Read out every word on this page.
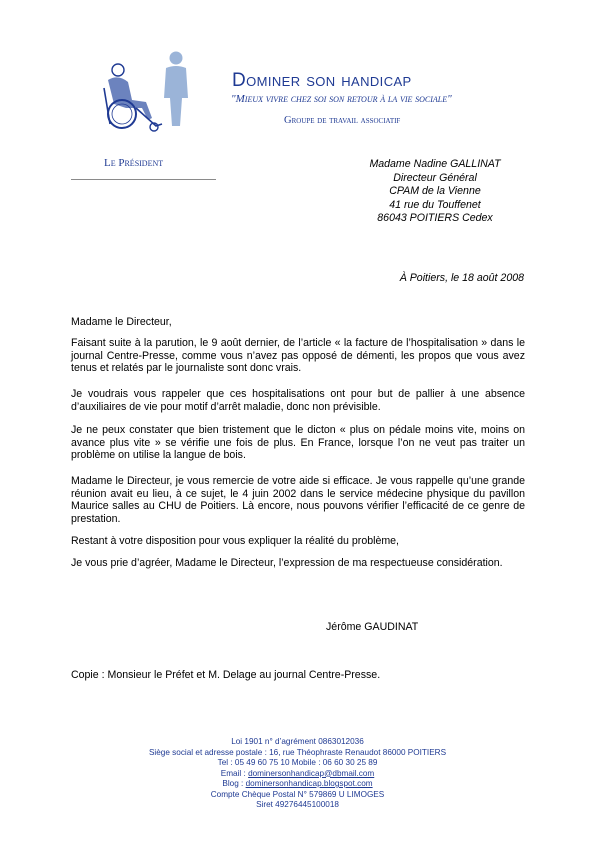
Dominer son handicap
"Mieux vivre chez soi son retour à la vie sociale"
Groupe de travail associatif
Le Président	Madame Nadine GALLINAT
Directeur Général
CPAM de la Vienne
41 rue du Touffenet
86043 POITIERS Cedex
À Poitiers, le 18 août 2008
Madame le Directeur,
Faisant suite à la parution, le 9 août dernier, de l’article « la facture de l’hospitalisation » dans le journal Centre-Presse, comme vous n’avez pas opposé de démenti, les propos que vous avez tenus et relatés par le journaliste sont donc vrais.
Je voudrais vous rappeler que ces hospitalisations ont pour but de pallier à une absence d’auxiliaires de vie pour motif d’arrêt maladie, donc non prévisible.
Je ne peux constater que bien tristement que le dicton « plus on pédale moins vite, moins on avance plus vite » se vérifie une fois de plus. En France, lorsque l’on ne veut pas traiter un problème on utilise la langue de bois.
Madame le Directeur, je vous remercie de votre aide si efficace. Je vous rappelle qu’une grande réunion avait eu lieu, à ce sujet, le 4 juin 2002 dans le service médecine physique du pavillon Maurice salles au CHU de Poitiers. Là encore, nous pouvons vérifier l’efficacité de ce genre de prestation.
Restant à votre disposition pour vous expliquer la réalité du problème,
Je vous prie d’agréer, Madame le Directeur, l’expression de ma respectueuse considération.
Jérôme GAUDINAT
Copie : Monsieur le Préfet et M. Delage au journal Centre-Presse.
Loi 1901 n° d’agrément 0863012036
Siège social et adresse postale : 16, rue Théophraste Renaudot 86000 POITIERS
Tel : 05 49 60 75 10 Mobile : 06 60 30 25 89
Email : dominersonhandicap@dbmail.com
Blog : dominersonhandicap.blogspot.com
Compte Chèque Postal N° 579869 U LIMOGES
Siret 49276445100018
